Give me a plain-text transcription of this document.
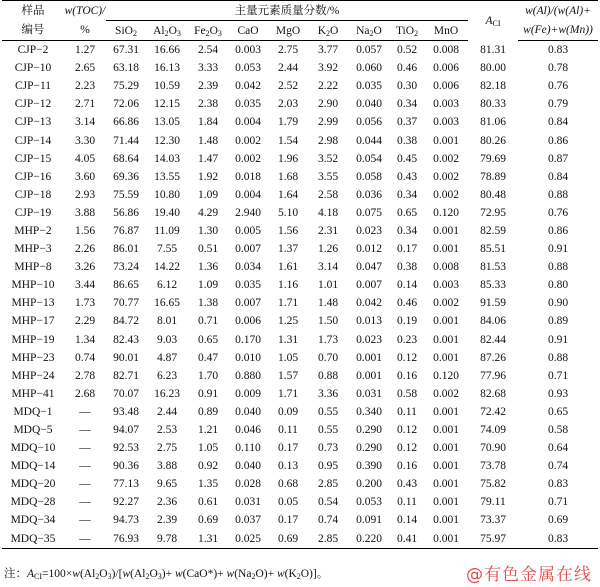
样品	w(TOC)/	主量元素质量分数/%									$A_{CI}$	w(Al)/(w(Al)+
编号	%	SiO$_2$	$Al_2O_3$	$Fe_2O_3$	CaO	MgO	$K_2O$	$Na_2O$	TiO$_2$	MnO		w(Fe)+w(Mn))
CJP−2	1.27	67.31	16.66	2.54	0.003	2.75	3.77	0.057	0.52	0.008	81.31	0.83
CJP−10	2.65	63.18	16.13	3.33	0.053	2.44	3.92	0.060	0.46	0.006	80.00	0.78
CJP−11	2.23	75.29	10.59	2.39	0.042	2.52	2.22	0.035	0.30	0.006	82.18	0.76
CJP−12	2.71	72.06	12.15	2.38	0.035	2.03	2.90	0.040	0.34	0.003	80.33	0.79
CJP−13	3.14	66.86	13.05	1.84	0.004	1.79	2.99	0.056	0.37	0.003	81.06	0.84
CJP−14	3.30	71.44	12.30	1.48	0.002	1.54	2.98	0.044	0.38	0.001	80.26	0.86
CJP−15	4.05	68.64	14.03	1.47	0.002	1.96	3.52	0.054	0.45	0.002	79.69	0.87
CJP−16	3.60	69.36	13.55	1.92	0.018	1.68	3.55	0.058	0.43	0.002	78.89	0.84
CJP−18	2.93	75.59	10.80	1.09	0.004	1.64	2.58	0.036	0.34	0.002	80.48	0.88
CJP−19	3.88	56.86	19.40	4.29	2.940	5.10	4.18	0.075	0.65	0.120	72.95	0.76
MHP−2	1.56	76.87	11.09	1.30	0.005	1.56	2.31	0.023	0.34	0.001	82.59	0.86
MHP−3	2.26	86.01	7.55	0.51	0.007	1.37	1.26	0.012	0.17	0.001	85.51	0.91
MHP−8	3.26	73.24	14.22	1.36	0.034	1.61	3.14	0.047	0.38	0.008	81.53	0.88
MHP−10	3.44	86.65	6.12	1.09	0.035	1.16	1.01	0.007	0.14	0.003	85.33	0.80
MHP−13	1.73	70.77	16.65	1.38	0.007	1.71	1.48	0.042	0.46	0.002	91.59	0.90
MHP−17	2.29	84.72	8.01	0.71	0.006	1.25	1.50	0.013	0.19	0.001	84.06	0.89
MHP−19	1.34	82.43	9.03	0.65	0.170	1.31	1.73	0.023	0.23	0.001	82.44	0.91
MHP−23	0.74	90.01	4.87	0.47	0.010	1.05	0.70	0.001	0.12	0.001	87.26	0.88
MHP−24	2.78	82.71	6.23	1.70	0.880	1.57	0.88	0.001	0.16	0.120	77.96	0.71
MHP−41	2.68	70.07	16.23	0.91	0.009	1.71	3.36	0.031	0.58	0.002	82.68	0.93
MDQ−1	—	93.48	2.44	0.89	0.040	0.09	0.55	0.340	0.11	0.001	72.42	0.65
MDQ−5	—	94.07	2.53	1.21	0.046	0.11	0.55	0.290	0.12	0.001	74.09	0.58
MDQ−10	—	92.53	2.75	1.05	0.110	0.17	0.73	0.290	0.12	0.001	70.90	0.64
MDQ−14	—	90.36	3.88	0.92	0.040	0.13	0.95	0.390	0.16	0.001	73.78	0.74
MDQ−20	—	77.13	9.65	1.35	0.028	0.68	2.85	0.200	0.43	0.001	75.82	0.83
MDQ−28	—	92.27	2.36	0.61	0.031	0.05	0.54	0.053	0.11	0.001	79.11	0.71
MDQ−34	—	94.73	2.39	0.69	0.037	0.17	0.74	0.091	0.14	0.001	73.37	0.69
MDQ−35	—	76.93	9.78	1.31	0.025	0.69	2.85	0.220	0.41	0.001	75.97	0.83
注：$A_{CI}=100\times w(Al_2O_3)/[w(Al_2O_3)+ w(CaO*)+ w(Na_2O)+ w(K_2O)]$。	@有色金属在线
